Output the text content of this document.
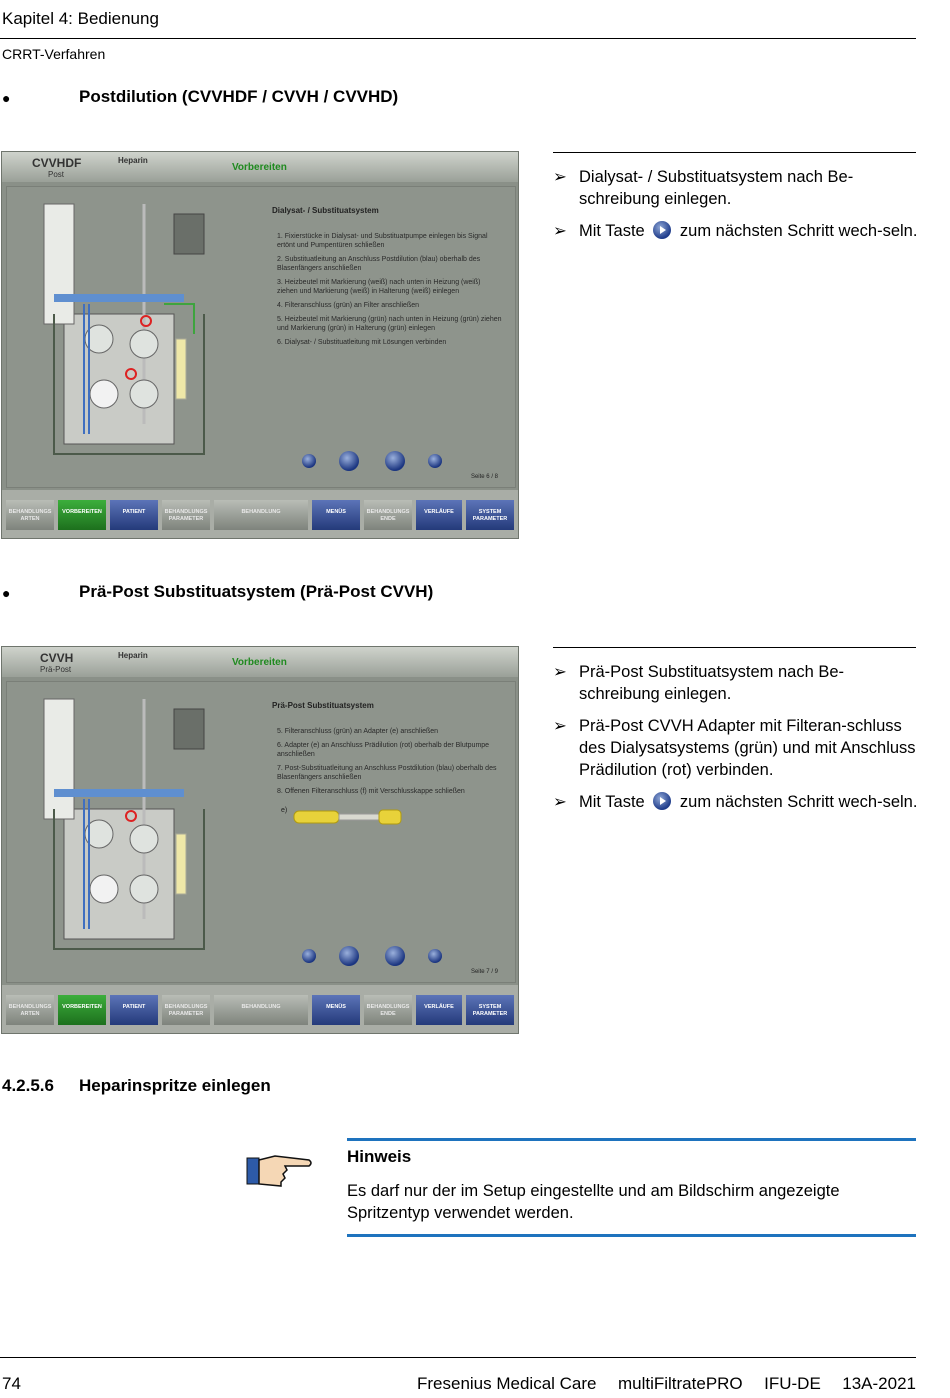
Kapitel 4: Bedienung
CRRT-Verfahren
●	Postdilution (CVVHDF / CVVH / CVVHD)
CVVHDF
Post
Heparin
Vorbereiten
Dialysat- / Substituatsystem
1. Fixierstücke in Dialysat- und Substituatpumpe einlegen bis Signal ertönt und Pumpentüren schließen
2. Substituatleitung an Anschluss Postdilution (blau) oberhalb des Blasenfängers anschließen
3. Heizbeutel mit Markierung (weiß) nach unten in Heizung (weiß) ziehen und Markierung (weiß) in Halterung (weiß) einlegen
4. Filteranschluss (grün) an Filter anschließen
5. Heizbeutel mit Markierung (grün) nach unten in Heizung (grün) ziehen und Markierung (grün) in Halterung (grün) einlegen
6. Dialysat- / Substituatleitung mit Lösungen verbinden
Seite 6 / 8
BEHANDLUNGS ARTEN
VORBEREITEN	PATIENT	BEHANDLUNGS PARAMETER
BEHANDLUNG	MENÜS	BEHANDLUNGS ENDE
VERLÄUFE	SYSTEM PARAMETER
➢ Dialysat- / Substituatsystem nach Be-schreibung einlegen.
➢ Mit Taste zum nächsten Schritt wech-seln.
●	Prä-Post Substituatsystem (Prä-Post CVVH)
CVVH
Prä-Post
Heparin
Vorbereiten
Prä-Post Substituatsystem
5. Filteranschluss (grün) an Adapter (e) anschließen
6. Adapter (e) an Anschluss Prädilution (rot) oberhalb der Blutpumpe anschließen
7. Post-Substituatleitung an Anschluss Postdilution (blau) oberhalb des Blasenfängers anschließen
8. Offenen Filteranschluss (f) mit Verschlusskappe schließen
e)
Seite 7 / 9
BEHANDLUNGS ARTEN
VORBEREITEN	PATIENT	BEHANDLUNGS PARAMETER
BEHANDLUNG	MENÜS	BEHANDLUNGS ENDE
VERLÄUFE	SYSTEM PARAMETER
➢ Prä-Post Substituatsystem nach Be-schreibung einlegen.
➢ Prä-Post CVVH Adapter mit Filteran-schluss des Dialysatsystems (grün) und mit Anschluss Prädilution (rot) verbinden.
➢ Mit Taste zum nächsten Schritt wech-seln.
4.2.5.6 Heparinspritze einlegen
Hinweis
Es darf nur der im Setup eingestellte und am Bildschirm angezeigte Spritzentyp verwendet werden.
74	Fresenius Medical Care multiFiltratePRO IFU-DE 13A-2021
